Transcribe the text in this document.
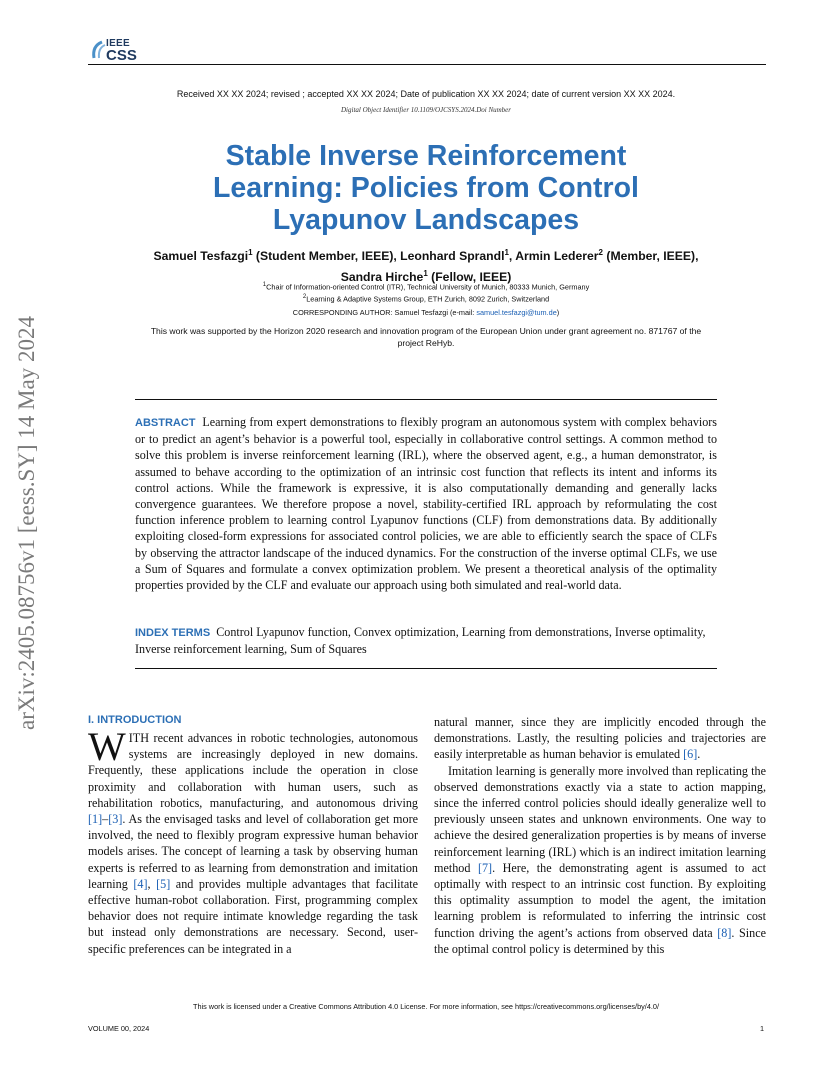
IEEE
CSS
Received XX XX 2024; revised ; accepted XX XX 2024; Date of publication XX XX 2024; date of current version XX XX 2024.
Digital Object Identifier 10.1109/OJCSYS.2024.Doi Number
Stable Inverse Reinforcement Learning: Policies from Control Lyapunov Landscapes
Samuel Tesfazgi$^1$ (Student Member, IEEE), Leonhard Sprandl$^1$, Armin Lederer$^2$ (Member, IEEE), Sandra Hirche$^1$ (Fellow, IEEE)
$^1$Chair of Information-oriented Control (ITR), Technical University of Munich, 80333 Munich, Germany
$^2$Learning & Adaptive Systems Group, ETH Zurich, 8092 Zurich, Switzerland
CORRESPONDING AUTHOR: Samuel Tesfazgi (e-mail: samuel.tesfazgi@tum.de)
This work was supported by the Horizon 2020 research and innovation program of the European Union under grant agreement no. 871767 of the project ReHyb.
arXiv:2405.08756v1 [eess.SY] 14 May 2024	ABSTRACT Learning from expert demonstrations to flexibly program an autonomous system with complex behaviors or to predict an agent’s behavior is a powerful tool, especially in collaborative control settings. A common method to solve this problem is inverse reinforcement learning (IRL), where the observed agent, e.g., a human demonstrator, is assumed to behave according to the optimization of an intrinsic cost function that reflects its intent and informs its control actions. While the framework is expressive, it is also computationally demanding and generally lacks convergence guarantees. We therefore propose a novel, stability-certified IRL approach by reformulating the cost function inference problem to learning control Lyapunov functions (CLF) from demonstrations data. By additionally exploiting closed-form expressions for associated control policies, we are able to efficiently search the space of CLFs by observing the attractor landscape of the induced dynamics. For the construction of the inverse optimal CLFs, we use a Sum of Squares and formulate a convex optimization problem. We present a theoretical analysis of the optimality properties provided by the CLF and evaluate our approach using both simulated and real-world data.
INDEX TERMS Control Lyapunov function, Convex optimization, Learning from demonstrations, Inverse optimality, Inverse reinforcement learning, Sum of Squares
I. INTRODUCTION
WITH recent advances in robotic technologies, autonomous systems are increasingly deployed in new domains. Frequently, these applications include the operation in close proximity and collaboration with human users, such as rehabilitation robotics, manufacturing, and autonomous driving [1]–[3]. As the envisaged tasks and level of collaboration get more involved, the need to flexibly program expressive human behavior models arises. The concept of learning a task by observing human experts is referred to as learning from demonstration and imitation learning [4], [5] and provides multiple advantages that facilitate effective human-robot collaboration. First, programming complex behavior does not require intimate knowledge regarding the task but instead only demonstrations are necessary. Second, user-specific preferences can be integrated in a
natural manner, since they are implicitly encoded through the demonstrations. Lastly, the resulting policies and trajectories are easily interpretable as human behavior is emulated [6].
Imitation learning is generally more involved than replicating the observed demonstrations exactly via a state to action mapping, since the inferred control policies should ideally generalize well to previously unseen states and unknown environments. One way to achieve the desired generalization properties is by means of inverse reinforcement learning (IRL) which is an indirect imitation learning method [7]. Here, the demonstrating agent is assumed to act optimally with respect to an intrinsic cost function. By exploiting this optimality assumption to model the agent, the imitation learning problem is reformulated to inferring the intrinsic cost function driving the agent’s actions from observed data [8]. Since the optimal control policy is determined by this
This work is licensed under a Creative Commons Attribution 4.0 License. For more information, see https://creativecommons.org/licenses/by/4.0/
VOLUME 00, 2024	1
